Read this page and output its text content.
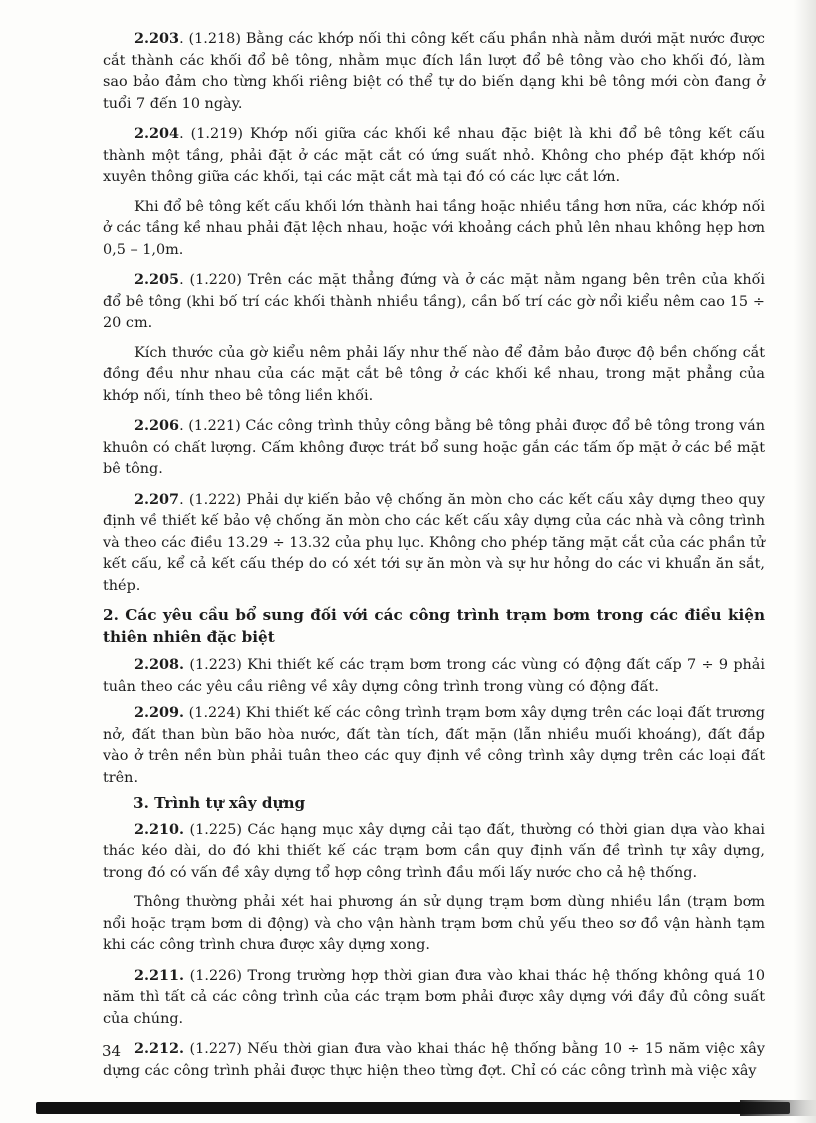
2.203. (1.218) Bằng các khớp nối thi công kết cấu phần nhà nằm dưới mặt nước được cắt thành các khối đổ bê tông, nhằm mục đích lần lượt đổ bê tông vào cho khối đó, làm sao bảo đảm cho từng khối riêng biệt có thể tự do biến dạng khi bê tông mới còn đang ở tuổi 7 đến 10 ngày.

2.204. (1.219) Khớp nối giữa các khối kề nhau đặc biệt là khi đổ bê tông kết cấu thành một tầng, phải đặt ở các mặt cắt có ứng suất nhỏ. Không cho phép đặt khớp nối xuyên thông giữa các khối, tại các mặt cắt mà tại đó có các lực cắt lớn.

Khi đổ bê tông kết cấu khối lớn thành hai tầng hoặc nhiều tầng hơn nữa, các khớp nối ở các tầng kề nhau phải đặt lệch nhau, hoặc với khoảng cách phủ lên nhau không hẹp hơn 0,5 – 1,0m.

2.205. (1.220) Trên các mặt thẳng đứng và ở các mặt nằm ngang bên trên của khối đổ bê tông (khi bố trí các khối thành nhiều tầng), cần bố trí các gờ nổi kiểu nêm cao 15 ÷ 20 cm.

Kích thước của gờ kiểu nêm phải lấy như thế nào để đảm bảo được độ bền chống cắt đồng đều như nhau của các mặt cắt bê tông ở các khối kề nhau, trong mặt phẳng của khớp nối, tính theo bê tông liền khối.

2.206. (1.221) Các công trình thủy công bằng bê tông phải được đổ bê tông trong ván khuôn có chất lượng. Cấm không được trát bổ sung hoặc gắn các tấm ốp mặt ở các bề mặt bê tông.

2.207. (1.222) Phải dự kiến bảo vệ chống ăn mòn cho các kết cấu xây dựng theo quy định về thiết kế bảo vệ chống ăn mòn cho các kết cấu xây dựng của các nhà và công trình và theo các điều 13.29 ÷ 13.32 của phụ lục. Không cho phép tăng mặt cắt của các phần tử kết cấu, kể cả kết cấu thép do có xét tới sự ăn mòn và sự hư hỏng do các vi khuẩn ăn sắt, thép.

2. Các yêu cầu bổ sung đối với các công trình trạm bơm trong các điều kiện thiên nhiên đặc biệt

2.208. (1.223) Khi thiết kế các trạm bơm trong các vùng có động đất cấp 7 ÷ 9 phải tuân theo các yêu cầu riêng về xây dựng công trình trong vùng có động đất.

2.209. (1.224) Khi thiết kế các công trình trạm bơm xây dựng trên các loại đất trương nở, đất than bùn bão hòa nước, đất tàn tích, đất mặn (lẫn nhiều muối khoáng), đất đắp vào ở trên nền bùn phải tuân theo các quy định về công trình xây dựng trên các loại đất trên.

3. Trình tự xây dựng

2.210. (1.225) Các hạng mục xây dựng cải tạo đất, thường có thời gian dựa vào khai thác kéo dài, do đó khi thiết kế các trạm bơm cần quy định vấn đề trình tự xây dựng, trong đó có vấn đề xây dựng tổ hợp công trình đầu mối lấy nước cho cả hệ thống.

Thông thường phải xét hai phương án sử dụng trạm bơm dùng nhiều lần (trạm bơm nổi hoặc trạm bơm di động) và cho vận hành trạm bơm chủ yếu theo sơ đồ vận hành tạm khi các công trình chưa được xây dựng xong.

2.211. (1.226) Trong trường hợp thời gian đưa vào khai thác hệ thống không quá 10 năm thì tất cả các công trình của các trạm bơm phải được xây dựng với đầy đủ công suất của chúng.

2.212. (1.227) Nếu thời gian đưa vào khai thác hệ thống bằng 10 ÷ 15 năm việc xây dựng các công trình phải được thực hiện theo từng đợt. Chỉ có các công trình mà việc xây

34
